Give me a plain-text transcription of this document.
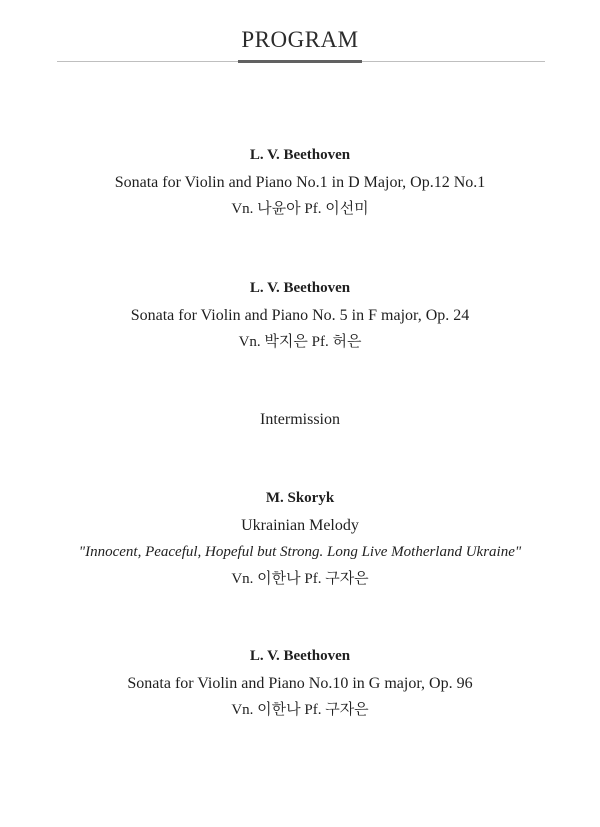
PROGRAM

L. V. Beethoven

Sonata for Violin and Piano No.1 in D Major, Op.12 No.1

Vn. 나윤아 Pf. 이선미

L. V. Beethoven

Sonata for Violin and Piano No. 5 in F major, Op. 24

Vn. 박지은 Pf. 허은

Intermission

M. Skoryk

Ukrainian Melody

"Innocent, Peaceful, Hopeful but Strong. Long Live Motherland Ukraine"

Vn. 이한나 Pf. 구자은

L. V. Beethoven

Sonata for Violin and Piano No.10 in G major, Op. 96

Vn. 이한나 Pf. 구자은
